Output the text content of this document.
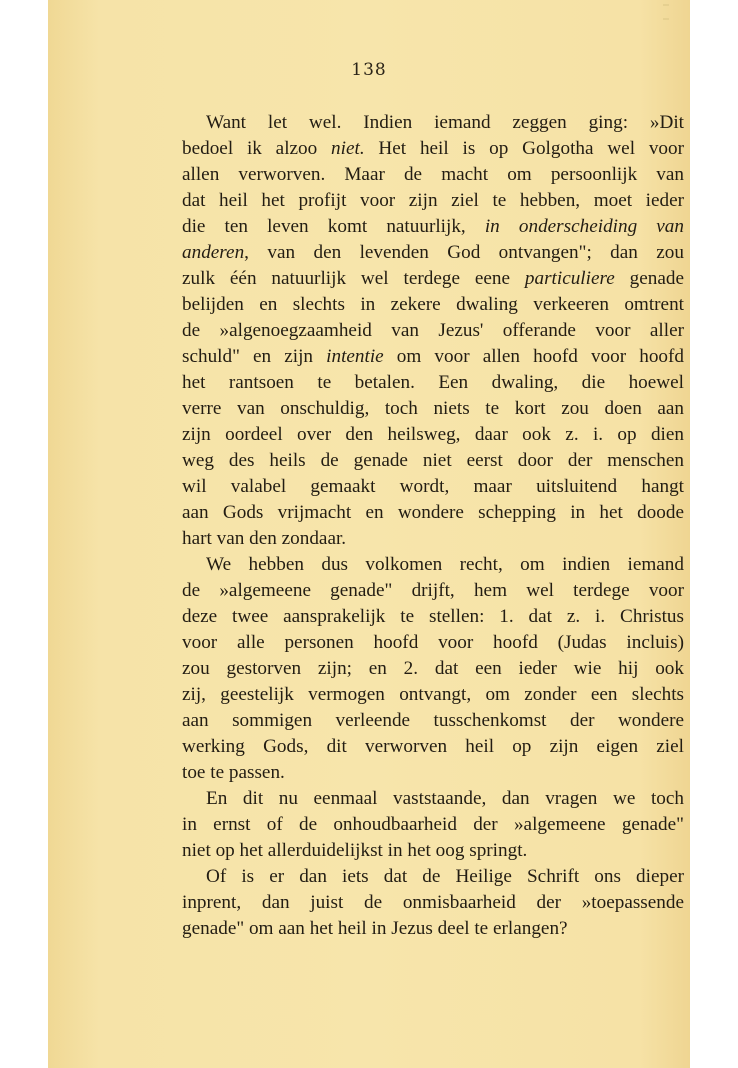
138
Want let wel. Indien iemand zeggen ging: »Dit
bedoel ik alzoo niet. Het heil is op Golgotha wel voor
allen verworven. Maar de macht om persoonlijk van
dat heil het profijt voor zijn ziel te hebben, moet ieder
die ten leven komt natuurlijk, in onderscheiding van
anderen, van den levenden God ontvangen"; dan zou
zulk één natuurlijk wel terdege eene particuliere genade
belijden en slechts in zekere dwaling verkeeren omtrent
de »algenoegzaamheid van Jezus' offerande voor aller
schuld" en zijn intentie om voor allen hoofd voor hoofd
het rantsoen te betalen. Een dwaling, die hoewel
verre van onschuldig, toch niets te kort zou doen aan
zijn oordeel over den heilsweg, daar ook z. i. op dien
weg des heils de genade niet eerst door der menschen
wil valabel gemaakt wordt, maar uitsluitend hangt
aan Gods vrijmacht en wondere schepping in het doode
hart van den zondaar.
We hebben dus volkomen recht, om indien iemand
de »algemeene genade" drijft, hem wel terdege voor
deze twee aansprakelijk te stellen: 1. dat z. i. Christus
voor alle personen hoofd voor hoofd (Judas incluis)
zou gestorven zijn; en 2. dat een ieder wie hij ook
zij, geestelijk vermogen ontvangt, om zonder een slechts
aan sommigen verleende tusschenkomst der wondere
werking Gods, dit verworven heil op zijn eigen ziel
toe te passen.
En dit nu eenmaal vaststaande, dan vragen we toch
in ernst of de onhoudbaarheid der »algemeene genade"
niet op het allerduidelijkst in het oog springt.
Of is er dan iets dat de Heilige Schrift ons dieper
inprent, dan juist de onmisbaarheid der »toepassende
genade" om aan het heil in Jezus deel te erlangen?
